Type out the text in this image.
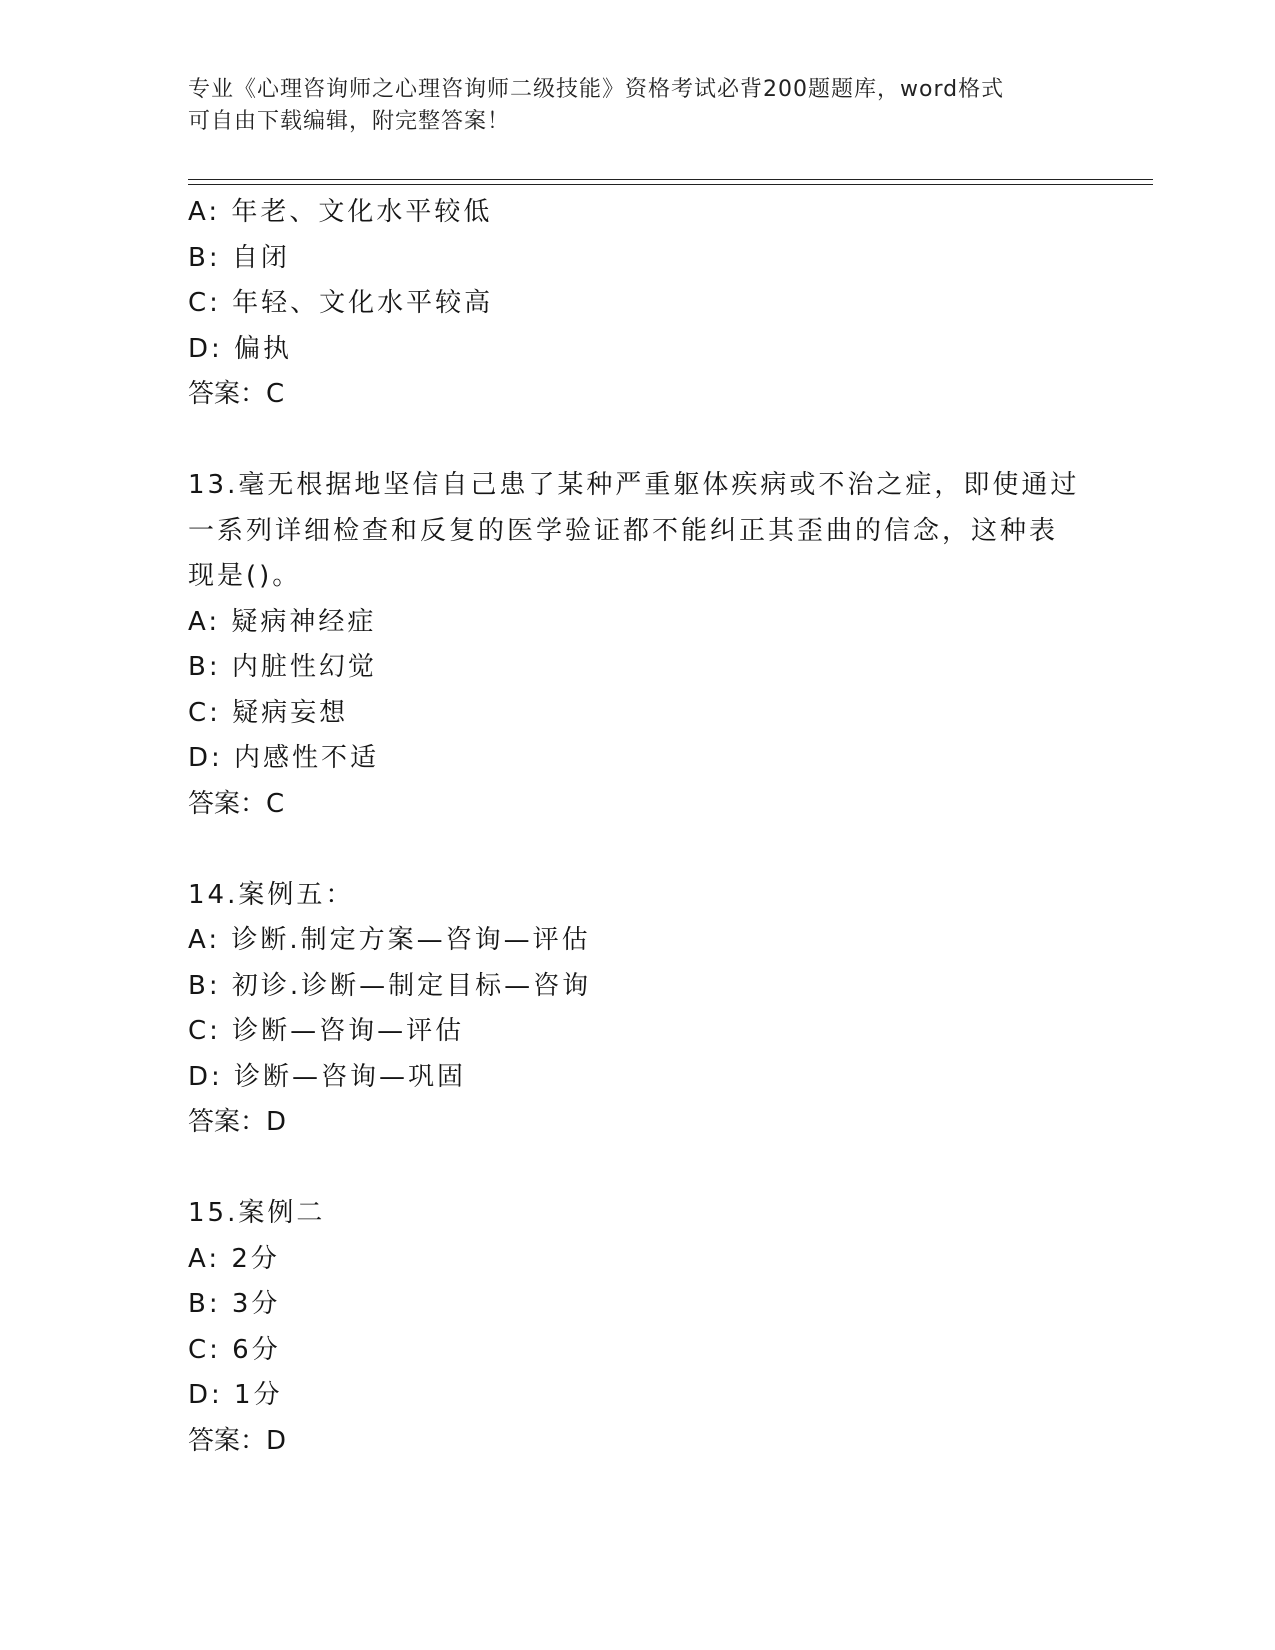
专业《心理咨询师之心理咨询师二级技能》资格考试必背200题题库，word格式
可自由下载编辑，附完整答案！
A: 年老、文化水平较低
B: 自闭
C: 年轻、文化水平较高
D: 偏执
答案：C
13.毫无根据地坚信自己患了某种严重躯体疾病或不治之症，即使通过
一系列详细检查和反复的医学验证都不能纠正其歪曲的信念，这种表
现是()。
A: 疑病神经症
B: 内脏性幻觉
C: 疑病妄想
D: 内感性不适
答案：C
14.案例五：
A: 诊断.制定方案—咨询—评估
B: 初诊.诊断—制定目标—咨询
C: 诊断—咨询—评估
D: 诊断—咨询—巩固
答案：D
15.案例二
A: 2分
B: 3分
C: 6分
D: 1分
答案：D
